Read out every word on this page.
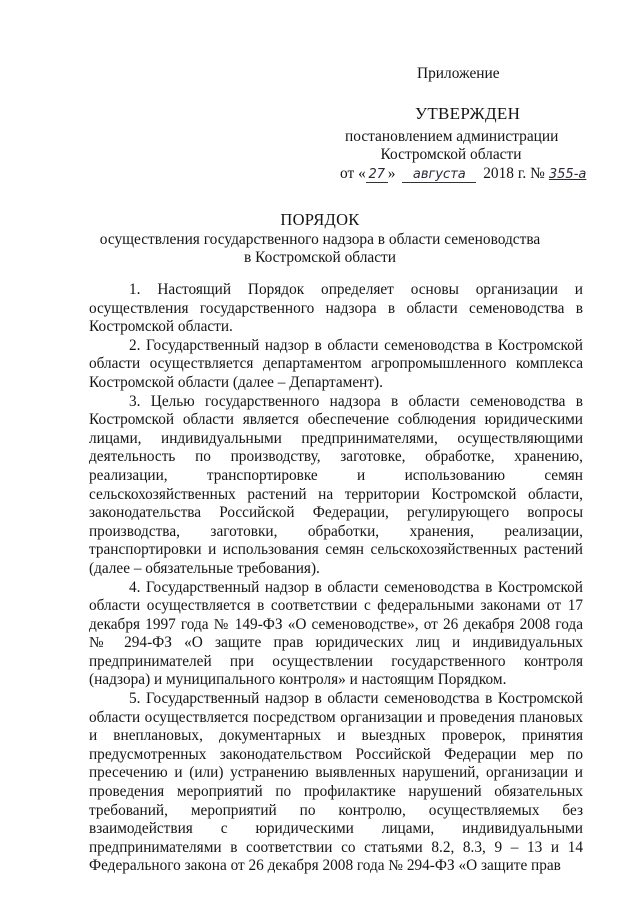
Приложение
УТВЕРЖДЕН
постановлением администрации
Костромской области
от « 27 » августа 2018 г. № 355-а
ПОРЯДОК
осуществления государственного надзора в области семеноводства
в Костромской области

1. Настоящий Порядок определяет основы организации и осуществления государственного надзора в области семеноводства в Костромской области.

2. Государственный надзор в области семеноводства в Костромской области осуществляется департаментом агропромышленного комплекса Костромской области (далее – Департамент).

3. Целью государственного надзора в области семеноводства в Костромской области является обеспечение соблюдения юридическими лицами, индивидуальными предпринимателями, осуществляющими деятельность по производству, заготовке, обработке, хранению, реализации, транспортировке и использованию семян сельскохозяйственных растений на территории Костромской области, законодательства Российской Федерации, регулирующего вопросы производства, заготовки, обработки, хранения, реализации, транспортировки и использования семян сельскохозяйственных растений (далее – обязательные требования).

4. Государственный надзор в области семеноводства в Костромской области осуществляется в соответствии с федеральными законами от 17 декабря 1997 года № 149-ФЗ «О семеноводстве», от 26 декабря 2008 года № 294-ФЗ «О защите прав юридических лиц и индивидуальных предпринимателей при осуществлении государственного контроля (надзора) и муниципального контроля» и настоящим Порядком.

5. Государственный надзор в области семеноводства в Костромской области осуществляется посредством организации и проведения плановых и внеплановых, документарных и выездных проверок, принятия предусмотренных законодательством Российской Федерации мер по пресечению и (или) устранению выявленных нарушений, организации и проведения мероприятий по профилактике нарушений обязательных требований, мероприятий по контролю, осуществляемых без взаимодействия с юридическими лицами, индивидуальными предпринимателями в соответствии со статьями 8.2, 8.3, 9 – 13 и 14 Федерального закона от 26 декабря 2008 года № 294-ФЗ «О защите прав
